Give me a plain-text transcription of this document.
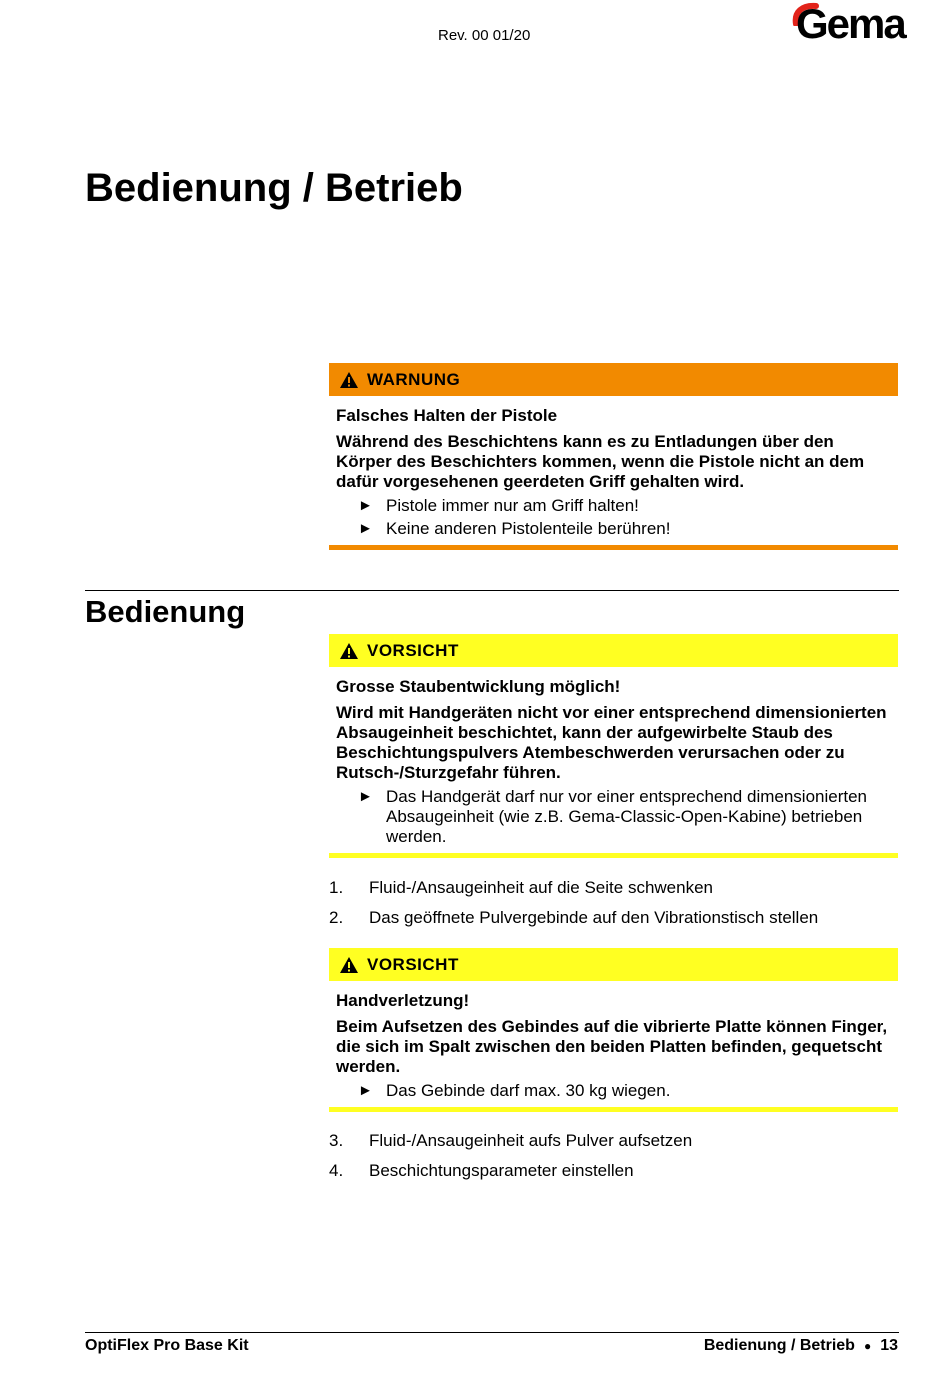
Rev. 00 01/20	Gema
Bedienung / Betrieb
WARNUNG

Falsches Halten der Pistole

Während des Beschichtens kann es zu Entladungen über den Körper des Beschichters kommen, wenn die Pistole nicht an dem dafür vorgesehenen geerdeten Griff gehalten wird.

► Pistole immer nur am Griff halten!
► Keine anderen Pistolenteile berühren!
Bedienung
VORSICHT

Grosse Staubentwicklung möglich!

Wird mit Handgeräten nicht vor einer entsprechend dimensionierten Absaugeinheit beschichtet, kann der aufgewirbelte Staub des Beschichtungspulvers Atembeschwerden verursachen oder zu Rutsch-/Sturzgefahr führen.

► Das Handgerät darf nur vor einer entsprechend dimensionierten Absaugeinheit (wie z.B. Gema-Classic-Open-Kabine) betrieben werden.
1.	Fluid-/Ansaugeinheit auf die Seite schwenken
2.	Das geöffnete Pulvergebinde auf den Vibrationstisch stellen
VORSICHT

Handverletzung!

Beim Aufsetzen des Gebindes auf die vibrierte Platte können Finger, die sich im Spalt zwischen den beiden Platten befinden, gequetscht werden.

► Das Gebinde darf max. 30 kg wiegen.
3.	Fluid-/Ansaugeinheit aufs Pulver aufsetzen
4.	Beschichtungsparameter einstellen
OptiFlex Pro Base Kit	Bedienung / Betrieb ● 13
